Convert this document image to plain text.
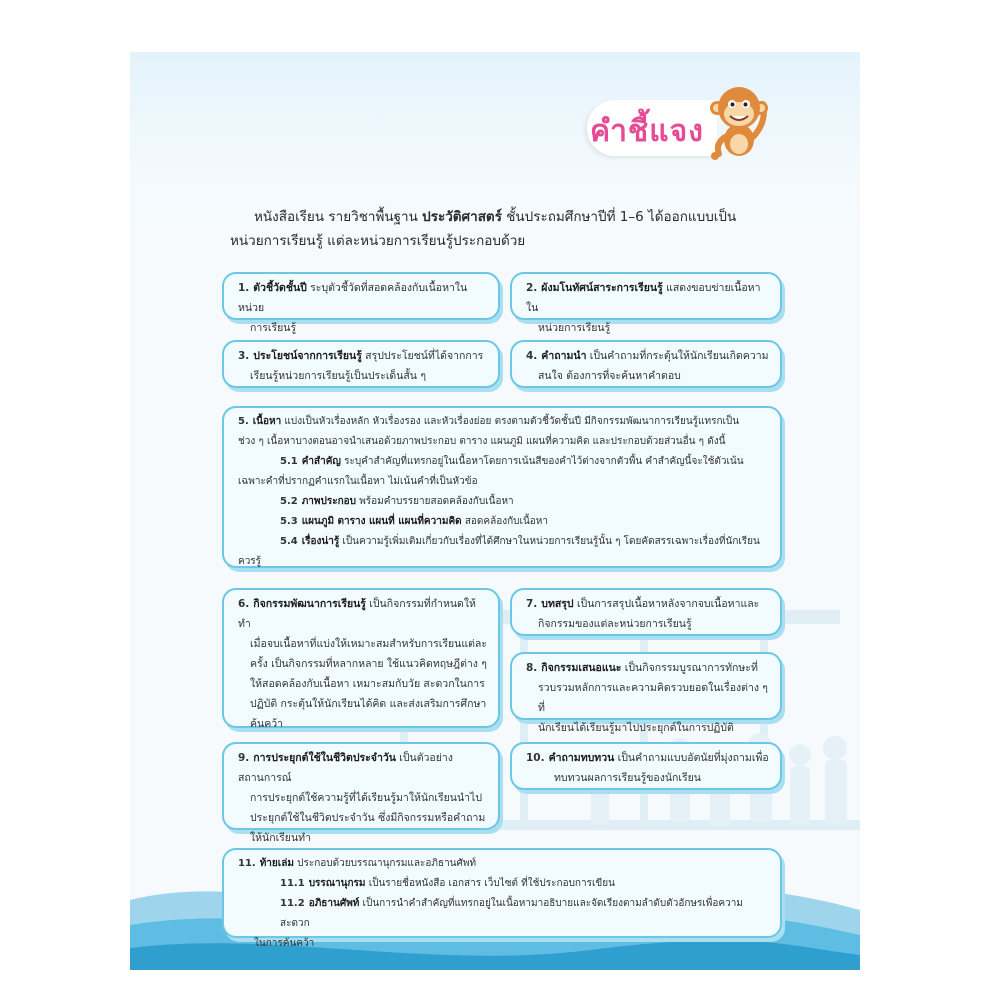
คำชี้แจง
หนังสือเรียน รายวิชาพื้นฐาน ประวัติศาสตร์ ชั้นประถมศึกษาปีที่ 1–6 ได้ออกแบบเป็น
หน่วยการเรียนรู้ แต่ละหน่วยการเรียนรู้ประกอบด้วย
1. ตัวชี้วัดชั้นปี ระบุตัวชี้วัดที่สอดคล้องกับเนื้อหาในหน่วย
การเรียนรู้
2. ผังมโนทัศน์สาระการเรียนรู้ แสดงขอบข่ายเนื้อหาใน
หน่วยการเรียนรู้
3. ประโยชน์จากการเรียนรู้ สรุปประโยชน์ที่ได้จากการ
เรียนรู้หน่วยการเรียนรู้เป็นประเด็นสั้น ๆ
4. คำถามนำ เป็นคำถามที่กระตุ้นให้นักเรียนเกิดความ
สนใจ ต้องการที่จะค้นหาคำตอบ
5. เนื้อหา แบ่งเป็นหัวเรื่องหลัก หัวเรื่องรอง และหัวเรื่องย่อย ตรงตามตัวชี้วัดชั้นปี มีกิจกรรมพัฒนาการเรียนรู้แทรกเป็น
ช่วง ๆ เนื้อหาบางตอนอาจนำเสนอด้วยภาพประกอบ ตาราง แผนภูมิ แผนที่ความคิด และประกอบด้วยส่วนอื่น ๆ ดังนี้
5.1 คำสำคัญ ระบุคำสำคัญที่แทรกอยู่ในเนื้อหาโดยการเน้นสีของคำไว้ต่างจากตัวพื้น คำสำคัญนี้จะใช้ตัวเน้น
เฉพาะคำที่ปรากฏคำแรกในเนื้อหา ไม่เน้นคำที่เป็นหัวข้อ
5.2 ภาพประกอบ พร้อมคำบรรยายสอดคล้องกับเนื้อหา
5.3 แผนภูมิ ตาราง แผนที่ แผนที่ความคิด สอดคล้องกับเนื้อหา
5.4 เรื่องน่ารู้ เป็นความรู้เพิ่มเติมเกี่ยวกับเรื่องที่ได้ศึกษาในหน่วยการเรียนรู้นั้น ๆ โดยคัดสรรเฉพาะเรื่องที่นักเรียน
ควรรู้
6. กิจกรรมพัฒนาการเรียนรู้ เป็นกิจกรรมที่กำหนดให้ทำ
เมื่อจบเนื้อหาที่แบ่งให้เหมาะสมสำหรับการเรียนแต่ละ
ครั้ง เป็นกิจกรรมที่หลากหลาย ใช้แนวคิดทฤษฎีต่าง ๆ
ให้สอดคล้องกับเนื้อหา เหมาะสมกับวัย สะดวกในการ
ปฏิบัติ กระตุ้นให้นักเรียนได้คิด และส่งเสริมการศึกษา
ค้นคว้า
7. บทสรุป เป็นการสรุปเนื้อหาหลังจากจบเนื้อหาและ
กิจกรรมของแต่ละหน่วยการเรียนรู้
8. กิจกรรมเสนอแนะ เป็นกิจกรรมบูรณาการทักษะที่
รวบรวมหลักการและความคิดรวบยอดในเรื่องต่าง ๆ ที่
นักเรียนได้เรียนรู้มาไปประยุกต์ในการปฏิบัติ
9. การประยุกต์ใช้ในชีวิตประจำวัน เป็นตัวอย่างสถานการณ์
การประยุกต์ใช้ความรู้ที่ได้เรียนรู้มาให้นักเรียนนำไป
ประยุกต์ใช้ในชีวิตประจำวัน ซึ่งมีกิจกรรมหรือคำถาม
ให้นักเรียนทำ
10. คำถามทบทวน เป็นคำถามแบบอัตนัยที่มุ่งถามเพื่อ
ทบทวนผลการเรียนรู้ของนักเรียน
11. ท้ายเล่ม ประกอบด้วยบรรณานุกรมและอภิธานศัพท์
11.1 บรรณานุกรม เป็นรายชื่อหนังสือ เอกสาร เว็บไซต์ ที่ใช้ประกอบการเขียน
11.2 อภิธานศัพท์ เป็นการนำคำสำคัญที่แทรกอยู่ในเนื้อหามาอธิบายและจัดเรียงตามลำดับตัวอักษรเพื่อความสะดวก
ในการค้นคว้า
